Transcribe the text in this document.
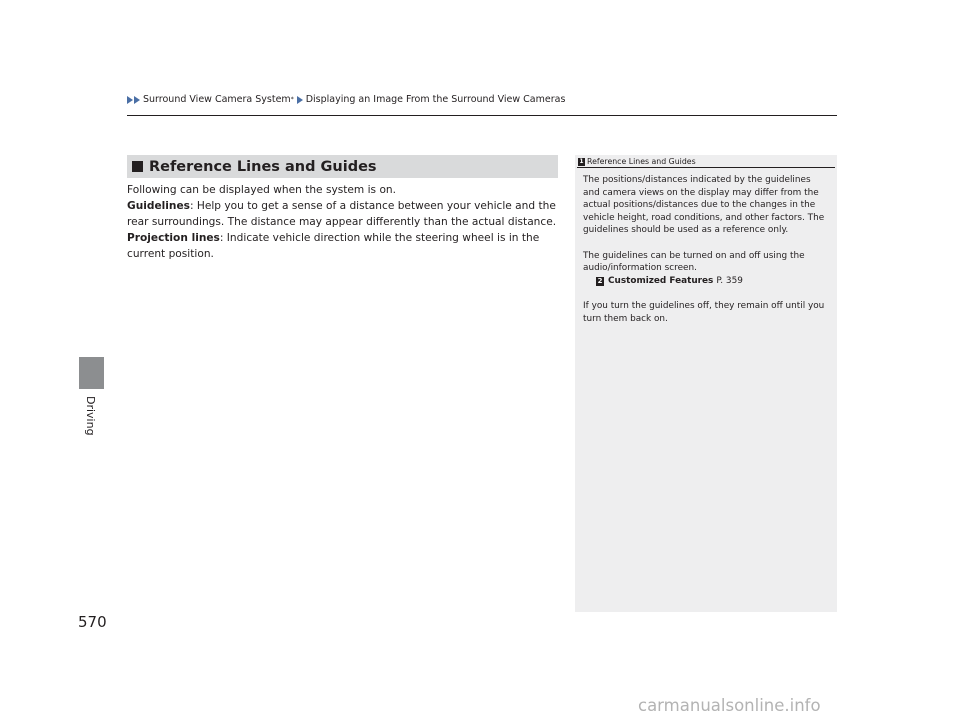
Surround View Camera System * Displaying an Image From the Surround View Cameras
Driving
570
Reference Lines and Guides

Following can be displayed when the system is on.

Guidelines: Help you to get a sense of a distance between your vehicle and the rear surroundings. The distance may appear differently than the actual distance.

Projection lines: Indicate vehicle direction while the steering wheel is in the current position.

1 Reference Lines and Guides

The positions/distances indicated by the guidelines and camera views on the display may differ from the actual positions/distances due to the changes in the vehicle height, road conditions, and other factors. The guidelines should be used as a reference only.

The guidelines can be turned on and off using the audio/information screen.

2 Customized Features P. 359

If you turn the guidelines off, they remain off until you turn them back on.

carmanualsonline.info
